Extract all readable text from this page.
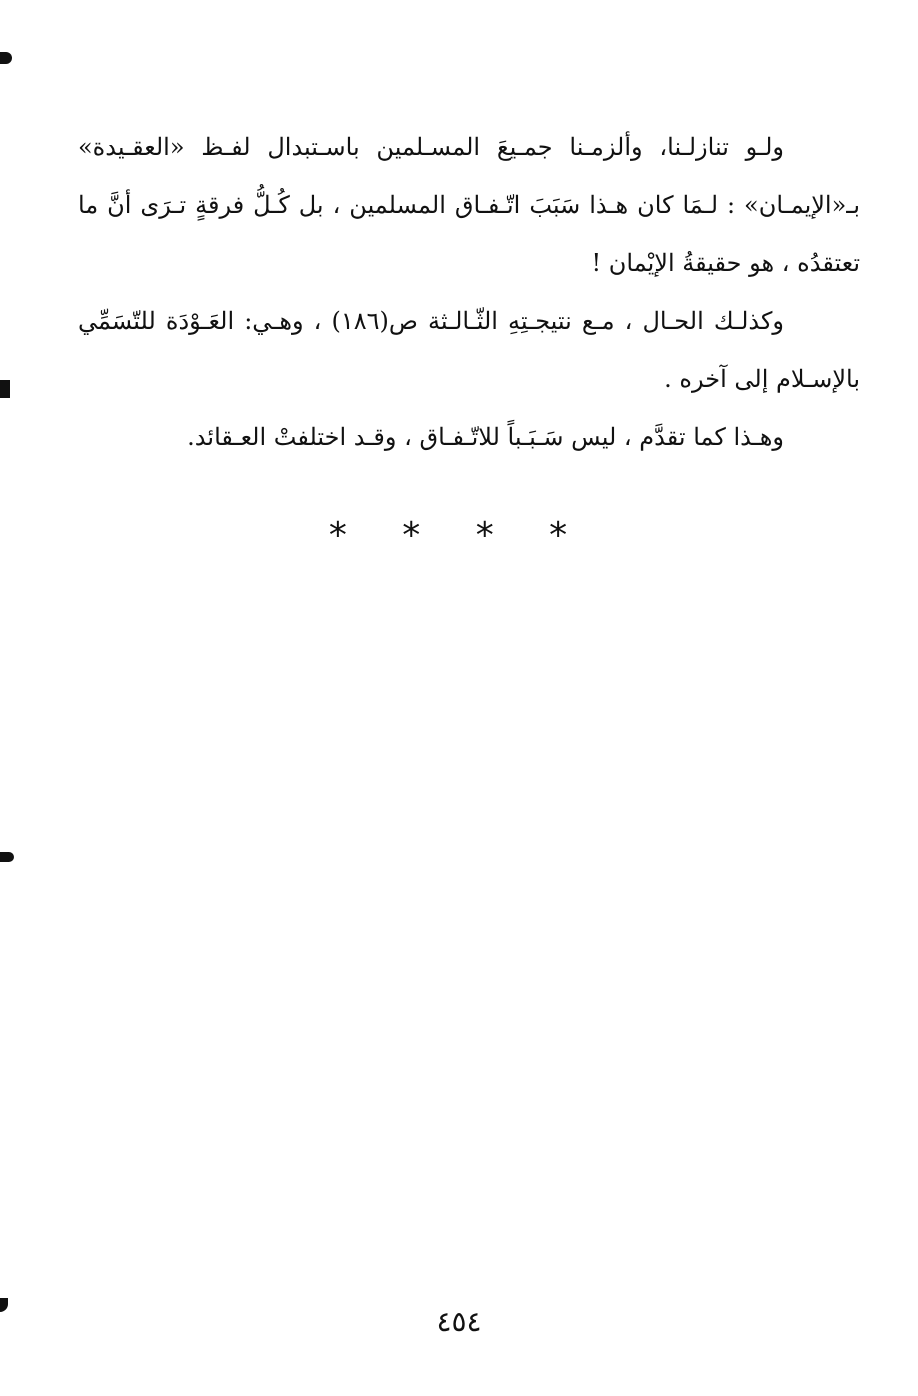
ولـو تنازلـنا، وألزمـنا جمـيعَ المسـلمين باسـتبدال لفـظ «العقـيدة» بـ«الإيمـان» : لـمَا كان هـذا سَبَبَ اتّـفـاق المسلمين ، بل كُـلُّ فرقةٍ تـرَى أنَّ ما تعتقدُه ، هو حقيقةُ الإيْمان !

وكذلـك الحـال ، مـع نتيجـتِهِ الثّـالـثة ص(١٨٦) ، وهـي: العَـوْدَة للتّسَمِّي بالإسـلام إلى آخره .

وهـذا كما تقدَّم ، ليس سَـبَـباً للاتّـفـاق ، وقـد اختلفتْ العـقائد.

* * * *
٤٥٤
